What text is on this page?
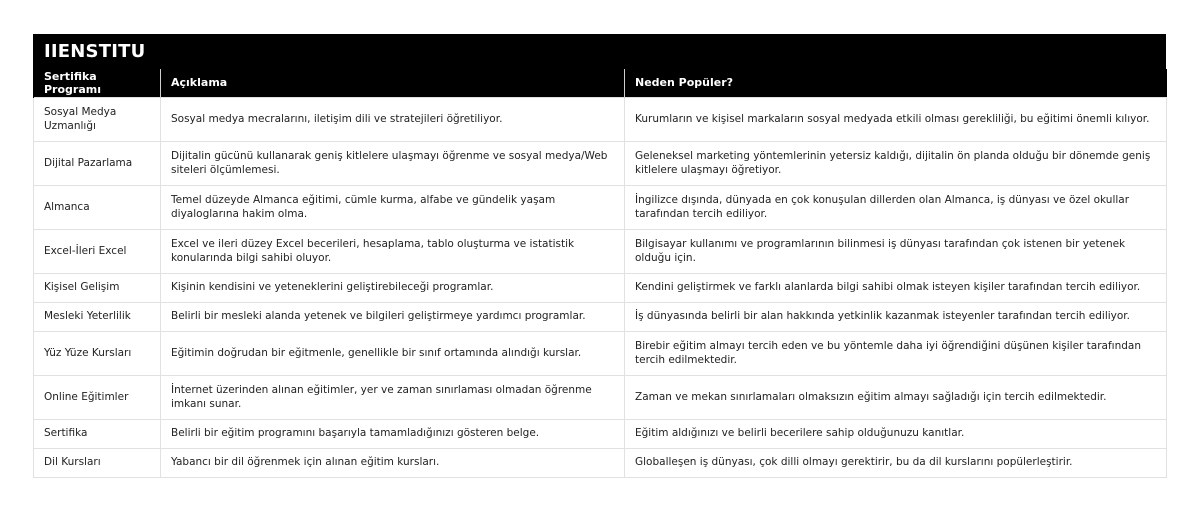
IIENSTITU
Sertifika Programı	Açıklama	Neden Popüler?
Sosyal Medya Uzmanlığı	Sosyal medya mecralarını, iletişim dili ve stratejileri öğretiliyor.	Kurumların ve kişisel markaların sosyal medyada etkili olması gerekliliği, bu eğitimi önemli kılıyor.
Dijital Pazarlama	Dijitalin gücünü kullanarak geniş kitlelere ulaşmayı öğrenme ve sosyal medya/Web siteleri ölçümlemesi.	Geleneksel marketing yöntemlerinin yetersiz kaldığı, dijitalin ön planda olduğu bir dönemde geniş kitlelere ulaşmayı öğretiyor.
Almanca	Temel düzeyde Almanca eğitimi, cümle kurma, alfabe ve gündelik yaşam diyaloglarına hakim olma.	İngilizce dışında, dünyada en çok konuşulan dillerden olan Almanca, iş dünyası ve özel okullar tarafından tercih ediliyor.
Excel-İleri Excel	Excel ve ileri düzey Excel becerileri, hesaplama, tablo oluşturma ve istatistik konularında bilgi sahibi oluyor.	Bilgisayar kullanımı ve programlarının bilinmesi iş dünyası tarafından çok istenen bir yetenek olduğu için.
Kişisel Gelişim	Kişinin kendisini ve yeteneklerini geliştirebileceği programlar.	Kendini geliştirmek ve farklı alanlarda bilgi sahibi olmak isteyen kişiler tarafından tercih ediliyor.
Mesleki Yeterlilik	Belirli bir mesleki alanda yetenek ve bilgileri geliştirmeye yardımcı programlar.	İş dünyasında belirli bir alan hakkında yetkinlik kazanmak isteyenler tarafından tercih ediliyor.
Yüz Yüze Kursları	Eğitimin doğrudan bir eğitmenle, genellikle bir sınıf ortamında alındığı kurslar.	Birebir eğitim almayı tercih eden ve bu yöntemle daha iyi öğrendiğini düşünen kişiler tarafından tercih edilmektedir.
Online Eğitimler	İnternet üzerinden alınan eğitimler, yer ve zaman sınırlaması olmadan öğrenme imkanı sunar.	Zaman ve mekan sınırlamaları olmaksızın eğitim almayı sağladığı için tercih edilmektedir.
Sertifika	Belirli bir eğitim programını başarıyla tamamladığınızı gösteren belge.	Eğitim aldığınızı ve belirli becerilere sahip olduğunuzu kanıtlar.
Dil Kursları	Yabancı bir dil öğrenmek için alınan eğitim kursları.	Globalleşen iş dünyası, çok dilli olmayı gerektirir, bu da dil kurslarını popülerleştirir.
